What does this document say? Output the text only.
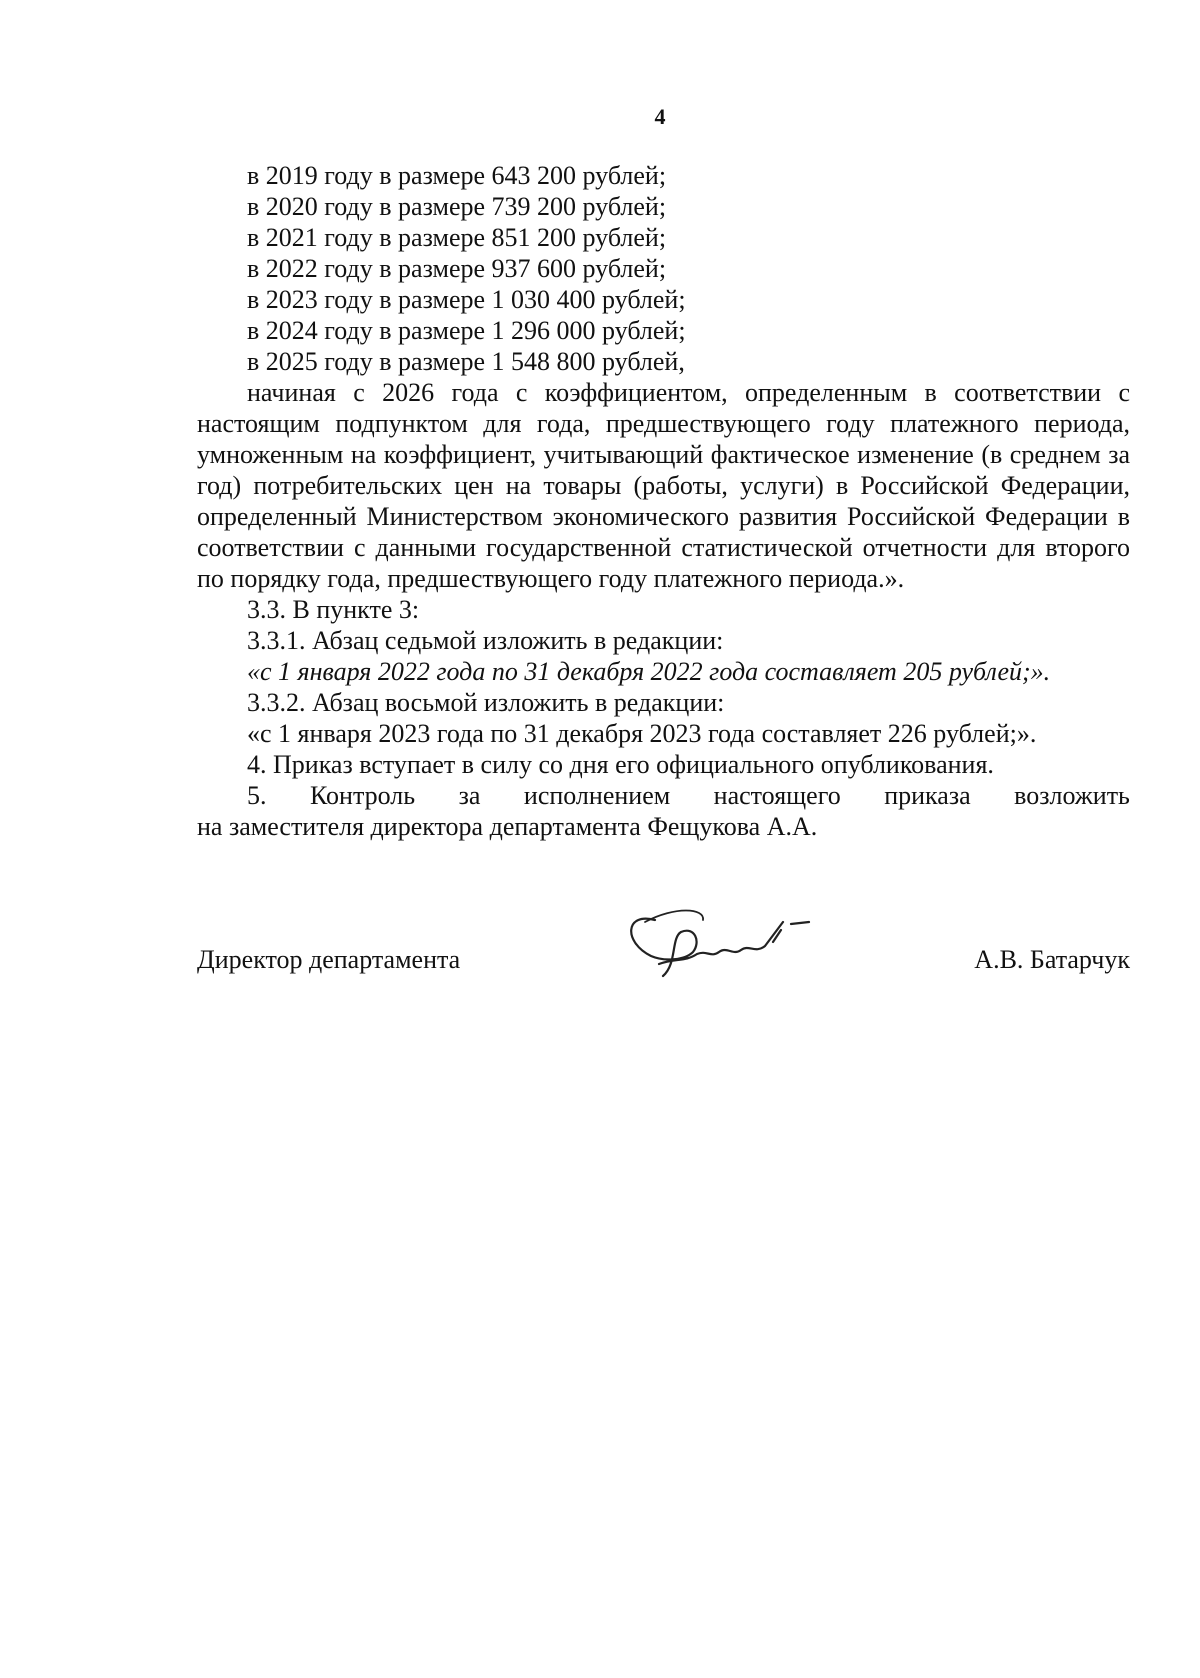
4

в 2019 году в размере 643 200 рублей;

в 2020 году в размере 739 200 рублей;

в 2021 году в размере 851 200 рублей;

в 2022 году в размере 937 600 рублей;

в 2023 году в размере 1 030 400 рублей;

в 2024 году в размере 1 296 000 рублей;

в 2025 году в размере 1 548 800 рублей,

начиная с 2026 года с коэффициентом, определенным в соответствии с настоящим подпунктом для года, предшествующего году платежного периода, умноженным на коэффициент, учитывающий фактическое изменение (в среднем за год) потребительских цен на товары (работы, услуги) в Российской Федерации, определенный Министерством экономического развития Российской Федерации в соответствии с данными государственной статистической отчетности для второго по порядку года, предшествующего году платежного периода.».

3.3. В пункте 3:

3.3.1. Абзац седьмой изложить в редакции:

«с 1 января 2022 года по 31 декабря 2022 года составляет 205 рублей;».

3.3.2. Абзац восьмой изложить в редакции:

«с 1 января 2023 года по 31 декабря 2023 года составляет 226 рублей;».

4. Приказ вступает в силу со дня его официального опубликования.

5. Контроль за исполнением настоящего приказа возложить

на заместителя директора департамента Фещукова А.А.

Директор департамента	А.В. Батарчук
